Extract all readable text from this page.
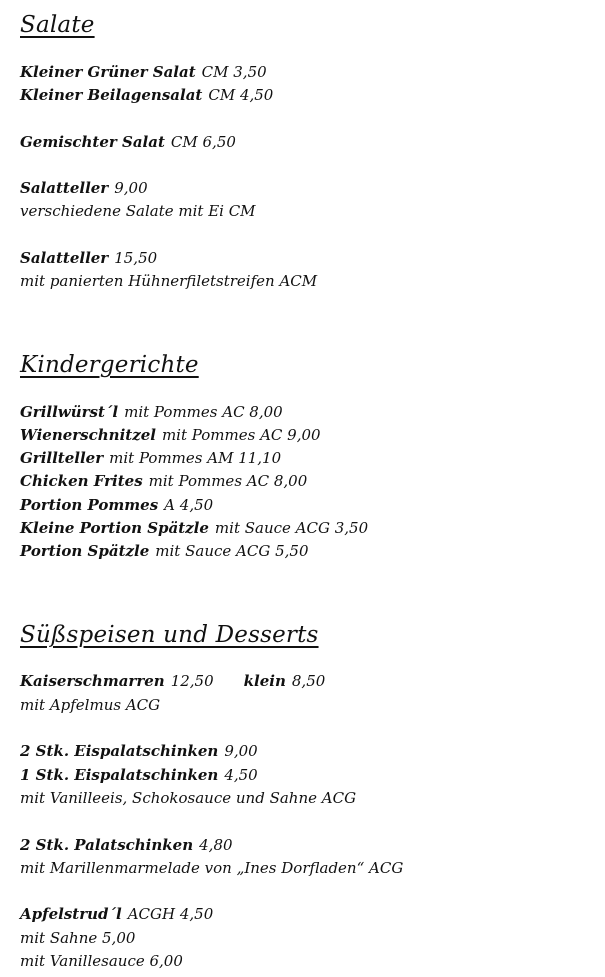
Salate
Kleiner Grüner Salat CM 3,50
Kleiner Beilagensalat CM 4,50
Gemischter Salat CM 6,50
Salatteller 9,00
verschiedene Salate mit Ei CM
Salatteller 15,50
mit panierten Hühnerfiletstreifen ACM
Kindergerichte
Grillwürst´l mit Pommes AC 8,00
Wienerschnitzel mit Pommes AC 9,00
Grillteller mit Pommes AM 11,10
Chicken Frites mit Pommes AC 8,00
Portion Pommes A 4,50
Kleine Portion Spätzle mit Sauce ACG 3,50
Portion Spätzle mit Sauce ACG 5,50
Süßspeisen und Desserts
Kaiserschmarren 12,50 klein 8,50
mit Apfelmus ACG
2 Stk. Eispalatschinken 9,00
1 Stk. Eispalatschinken 4,50
mit Vanilleeis, Schokosauce und Sahne ACG
2 Stk. Palatschinken 4,80
mit Marillenmarmelade von „Ines Dorfladen“ ACG
Apfelstrud´l ACGH 4,50
mit Sahne 5,00
mit Vanillesauce 6,00
